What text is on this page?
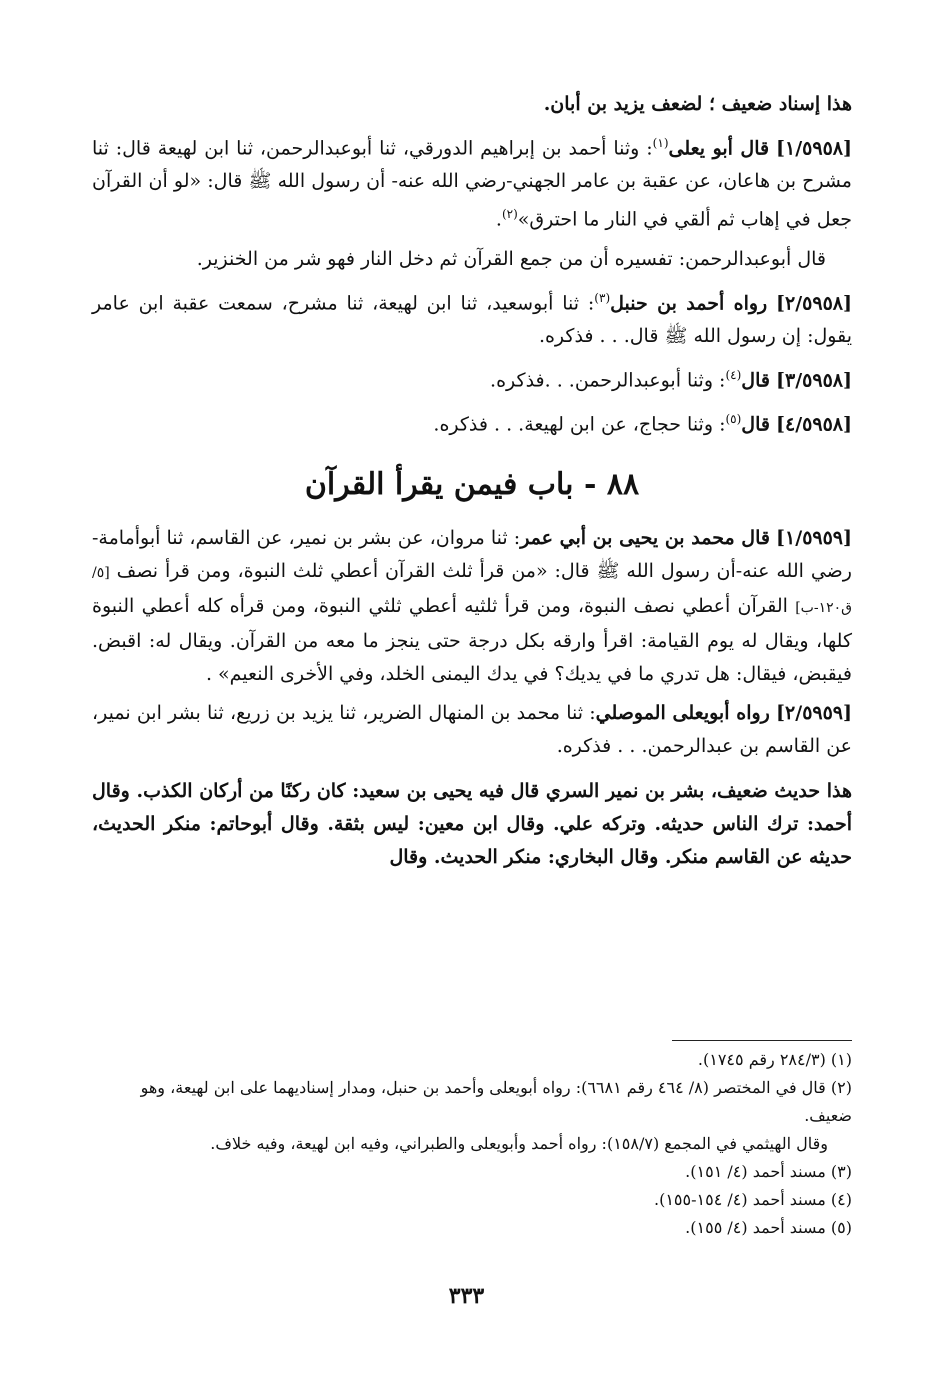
هذا إسناد ضعيف ؛ لضعف يزيد بن أبان.

[١/٥٩٥٨] قال أبو يعلى$^{(١)}$: وثنا أحمد بن إبراهيم الدورقي، ثنا أبوعبدالرحمن، ثنا ابن لهيعة قال: ثنا مشرح بن هاعان، عن عقبة بن عامر الجهني-رضي الله عنه- أن رسول الله ﷺ قال: «لو أن القرآن جعل في إهاب ثم ألقي في النار ما احترق»$^{(٢)}$.

قال أبوعبدالرحمن: تفسيره أن من جمع القرآن ثم دخل النار فهو شر من الخنزير.

[٢/٥٩٥٨] رواه أحمد بن حنبل$^{(٣)}$: ثنا أبوسعيد، ثنا ابن لهيعة، ثنا مشرح، سمعت عقبة ابن عامر يقول: إن رسول الله ﷺ قال. . . فذكره.

[٣/٥٩٥٨] قال$^{(٤)}$: وثنا أبوعبدالرحمن. . .فذكره.

[٤/٥٩٥٨] قال$^{(٥)}$: وثنا حجاج، عن ابن لهيعة. . . فذكره.

٨٨ - باب فيمن يقرأ القرآن

[١/٥٩٥٩] قال محمد بن يحيى بن أبي عمر: ثنا مروان، عن بشر بن نمير، عن القاسم، ثنا أبوأمامة-رضي الله عنه-أن رسول الله ﷺ قال: «من قرأ ثلث القرآن أعطي ثلث النبوة، ومن قرأ نصف [٥/ق١٢٠-ب] القرآن أعطي نصف النبوة، ومن قرأ ثلثيه أعطي ثلثي النبوة، ومن قرأه كله أعطي النبوة كلها، ويقال له يوم القيامة: اقرأ وارقه بكل درجة حتى ينجز ما معه من القرآن. ويقال له: اقبض. فيقبض، فيقال: هل تدري ما في يديك؟ في يدك اليمنى الخلد، وفي الأخرى النعيم» .

[٢/٥٩٥٩] رواه أبويعلى الموصلي: ثنا محمد بن المنهال الضرير، ثنا يزيد بن زريع، ثنا بشر ابن نمير، عن القاسم بن عبدالرحمن. . . فذكره.

هذا حديث ضعيف، بشر بن نمير السري قال فيه يحيى بن سعيد: كان ركنًا من أركان الكذب. وقال أحمد: ترك الناس حديثه. وتركه علي. وقال ابن معين: ليس بثقة. وقال أبوحاتم: منكر الحديث، حديثه عن القاسم منكر. وقال البخاري: منكر الحديث. وقال

(١) (٢٨٤/٣ رقم ١٧٤٥).
(٢) قال في المختصر (٨/ ٤٦٤ رقم ٦٦٨١): رواه أبويعلى وأحمد بن حنبل، ومدار إسناديهما على ابن لهيعة، وهو ضعيف.
وقال الهيثمي في المجمع (١٥٨/٧): رواه أحمد وأبويعلى والطبراني، وفيه ابن لهيعة، وفيه خلاف.
(٣) مسند أحمد (٤/ ١٥١).
(٤) مسند أحمد (٤/ ١٥٤-١٥٥).
(٥) مسند أحمد (٤/ ١٥٥).
٣٣٣
